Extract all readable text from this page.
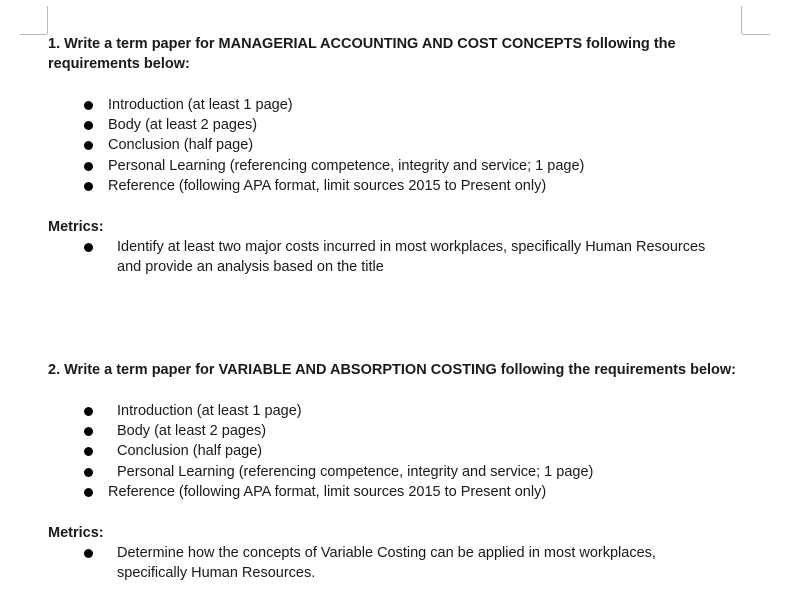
1. Write a term paper for MANAGERIAL ACCOUNTING AND COST CONCEPTS following the

requirements below:

Introduction (at least 1 page)
Body (at least 2 pages)
Conclusion (half page)
Personal Learning (referencing competence, integrity and service; 1 page)
Reference (following APA format, limit sources 2015 to Present only)

Metrics:

Identify at least two major costs incurred in most workplaces, specifically Human Resources
and provide an analysis based on the title

2. Write a term paper for VARIABLE AND ABSORPTION COSTING following the requirements below:

Introduction (at least 1 page)
Body (at least 2 pages)
Conclusion (half page)
Personal Learning (referencing competence, integrity and service; 1 page)
Reference (following APA format, limit sources 2015 to Present only)

Metrics:

Determine how the concepts of Variable Costing can be applied in most workplaces,
specifically Human Resources.
